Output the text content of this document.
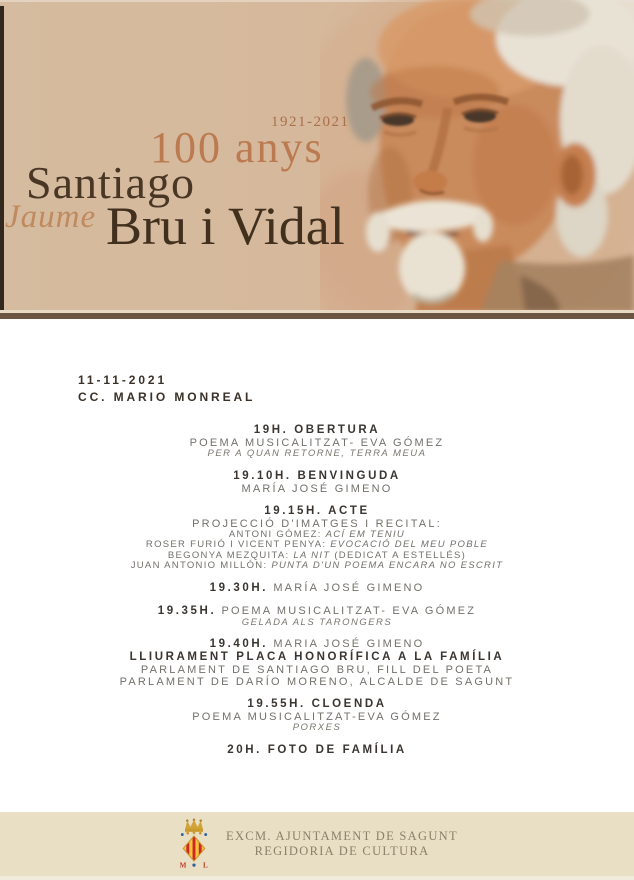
1921-2021
100 anys
Santiago
Jaume Bru i Vidal
11-11-2021
CC. MARIO MONREAL
19H. OBERTURA
POEMA MUSICALITZAT- EVA GÓMEZ
PER A QUAN RETORNE, TERRA MEUA
19.10H. BENVINGUDA
MARÍA JOSÉ GIMENO
19.15H. ACTE
PROJECCIÓ D'IMATGES I RECITAL:
ANTONI GÓMEZ: ACÍ EM TENIU
ROSER FURIÓ I VICENT PENYA: EVOCACIÓ DEL MEU POBLE
BEGONYA MEZQUITA: LA NIT (DEDICAT A ESTELLÉS)
JUAN ANTONIO MILLÓN: PUNTA D'UN POEMA ENCARA NO ESCRIT
19.30H. MARÍA JOSÉ GIMENO
19.35H. POEMA MUSICALITZAT- EVA GÓMEZ
GELADA ALS TARONGERS
19.40H. MARIA JOSÉ GIMENO
LLIURAMENT PLACA HONORÍFICA A LA FAMÍLIA
PARLAMENT DE SANTIAGO BRU, FILL DEL POETA
PARLAMENT DE DARÍO MORENO, ALCALDE DE SAGUNT
19.55H. CLOENDA
POEMA MUSICALITZAT-EVA GÓMEZ
PORXES
20H. FOTO DE FAMÍLIA
M L
EXCM. AJUNTAMENT DE SAGUNT
REGIDORIA DE CULTURA
